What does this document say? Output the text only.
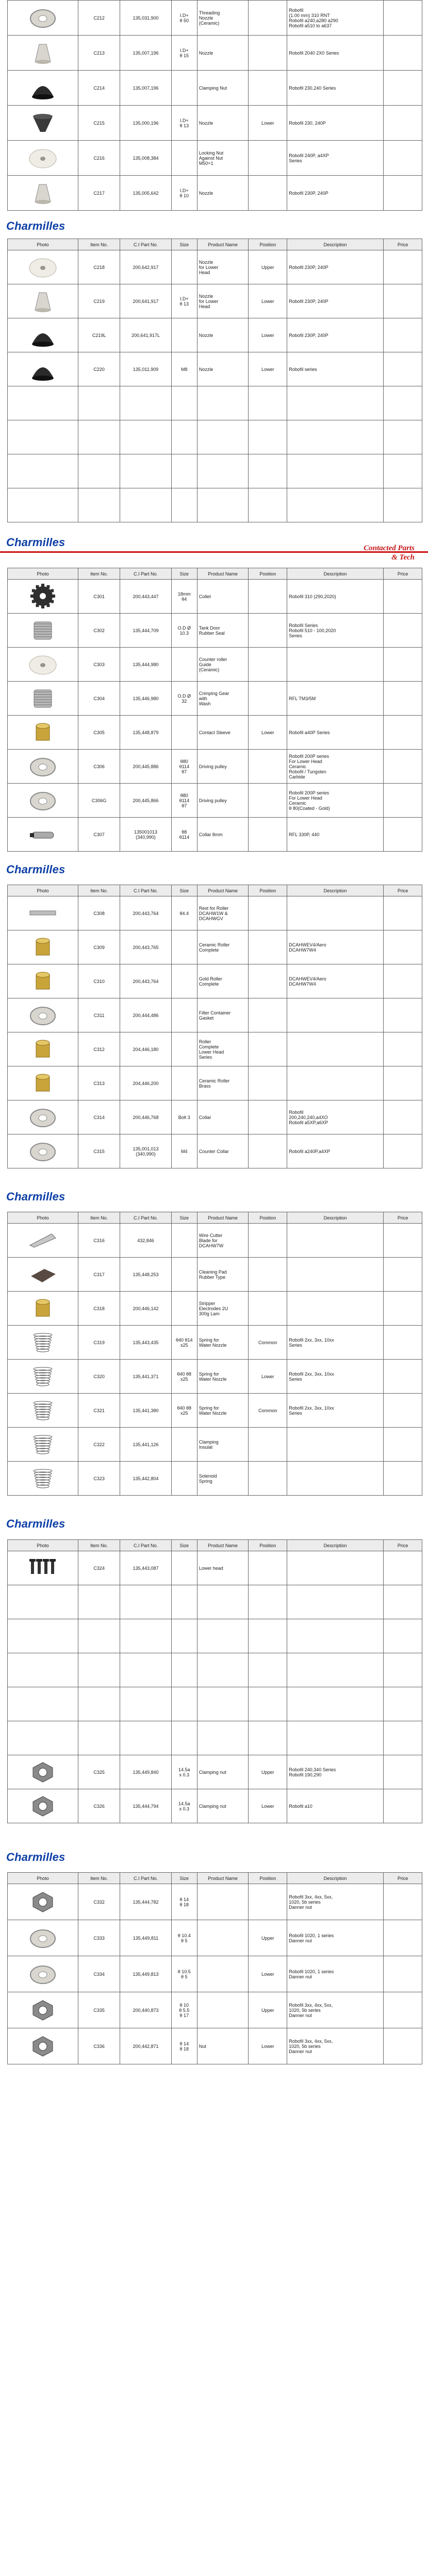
	C212	135,031,900	I.D+
θ 50	Threading
Nozzle
(Ceramic)		Robofil
(1.00 mm) 310 RNT
Robofil a240,a280 a290
Robofil a510 to a637	
	C213	135,007,196	I.D+
θ 15	Nozzle		Robofil 2040 2X0 Series	
	C214	135,007,196		Clamping Nut		Robofil 230,240 Series	
	C215	135,000,196	I.D+
θ 13	Nozzle	Lower	Robofil 230, 240P	
	C216	135,008,384		Locking Nut
Against Nut
M50+1		Robofil 240P, a4XP
Series	
	C217	135,005,642	I.D+
θ 10	Nozzle		Robofil 230P, 240P	
Charmilles
Photo	Item No.	C.I Part No.	Size	Product Name	Position	Description	Price
	C218	200,642,917		Nozzle
for Lower
Head	Upper	Robofil 230P, 240P	
	C219	200,641,917	I.D+
θ 13	Nozzle
for Lower
Head	Lower	Robofil 230P, 240P	
	C219L	200,641,917L		Nozzle	Lower	Robofil 230P, 240P	
	C220	135,011,909	M8	Nozzle	Lower	Robofil series	

Charmilles	Contacted Parts
& Tech
Photo	Item No.	C.I Part No.	Size	Product Name	Position	Description	Price
	C301	200,443,447	18mm
θ4	Collet		Robofil 310 (290,2020)	
	C302	135,444,709	O.D Ø
10.3	Tank Door
Rubber Seal		Robofil Series
Robofil 510 - 100,2020
Series	
	C303	135,444,980		Counter roller
Guide
(Ceramic)			
	C304	135,446,980	O.D Ø
32	Crimping Gear
with
Wash		RFL TM3/5M	
	C305	135,448,879		Contact Sleeve	Lower	Robofil a40P Series	
	C306	200,445,886	θ80
θ114
θ7	Driving pulley		Robofil 200P series
For Lower Head
Ceramic
Robofil / Tungsten
Carbide	
	C306G	200,445,866	θ80
θ114
θ7	Driving pulley		Robofil 200P series
For Lower Head
Ceramic
θ 80(Coated - Gold)	
	C307	135001013
(340,990)	θ8
θ114	Collar 8mm		RFL 330P, 440	
Charmilles
Photo	Item No.	C.I Part No.	Size	Product Name	Position	Description	Price
	C308	200,443,764	θ4.4	Rest for Roller
DCAHW1W &
DCAHWGV			
	C309	200,443,765		Ceramic Roller
Complete		DCAHWEV4/Aero
DCAHW7W4	
	C310	200,443,764		Gold Roller
Complete		DCAHWEV4/Aero
DCAHW7W4	
	C311	200,444,486		Filter Container
Gasket			
	C312	204,446,180		Roller
Complete
Lower Head
Series			
	C313	204,446,200		Ceramic Roller
Brass			
	C314	200,446,768	Bolt 3	Collar		Robofil
200,240,240,a4XO
Robofil a5XP,a6XP	
	C315	135,001,013
(340,990)	M4	Counter Collar		Robofil a240P,a4XP	
Charmilles
Photo	Item No.	C.I Part No.	Size	Product Name	Position	Description	Price
	C316	432,846		Wire Cutter
Blade for
DCAHW7W			
	C317	135,448,253		Cleaning Pad
Rubber Type			
	C318	200,446,142		Stripper
Electrodes 2U
300g Lam			
	C319	135,443,435	θ40 θ14
x25	Spring for
Water Nozzle	Common	Robofil 2xx, 3xx, 10xx
Series	
	C320	135,441,371	θ40 θ8
x25	Spring for
Water Nozzle	Lower	Robofil 2xx, 3xx, 10xx
Series	
	C321	135,441,380	θ40 θ8
x25	Spring for
Water Nozzle	Common	Robofil 2xx, 3xx, 10xx
Series	
	C322	135,441,126		Clamping
Insulat			
	C323	135,442,804		Solenoid
Spring			
Charmilles
Photo	Item No.	C.I Part No.	Size	Product Name	Position	Description	Price
	C324	135,443,087		Lower head			

	C325	135,449,840	14.5a
x 0.3	Clamping nut	Upper	Robofil 240,340 Series
Robofil 190,290	
	C326	135,444,794	14.5a
x 0.3	Clamping nut	Lower	Robofil a10	
Charmilles
Photo	Item No.	C.I Part No.	Size	Product Name	Position	Description	Price
	C332	135,444,782	θ 14
θ 18			Robofil 3xx, 4xx, 5xx,
1020, 5b series
Danner nut	
	C333	135,449,811	θ 10.4
θ 5		Upper	Robofil 1020, 1 series
Danner nut	
	C334	135,449,813	θ 10.5
θ 5		Lower	Robofil 1020, 1 series
Danner nut	
	C335	200,440,873	θ 10
θ 5.5
θ 17		Upper	Robofil 3xx, 4xx, 5xx,
1020, 5b series
Danner nut	
	C336	200,442,871	θ 14
θ 18	Nut	Lower	Robofil 3xx, 4xx, 5xx,
1020, 5b series
Danner nut	
